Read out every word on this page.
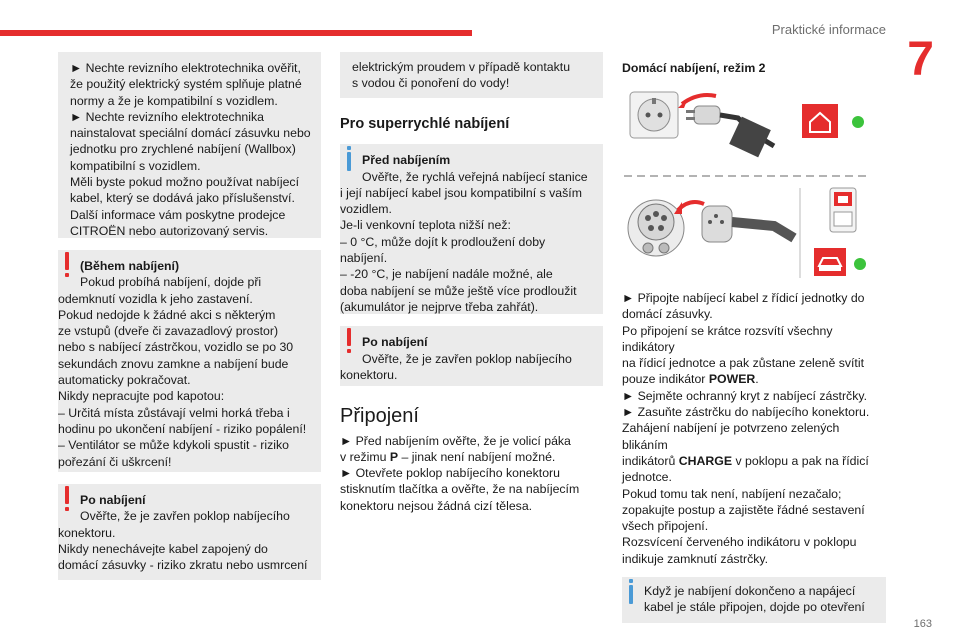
Praktické informace
7
163

► Nechte revizního elektrotechnika ověřit,

že použitý elektrický systém splňuje platné

normy a že je kompatibilní s vozidlem.

► Nechte revizního elektrotechnika

nainstalovat speciální domácí zásuvku nebo

jednotku pro zrychlené nabíjení (Wallbox)

kompatibilní s vozidlem.

Měli byste pokud možno používat nabíjecí

kabel, který se dodává jako příslušenství.

Další informace vám poskytne prodejce

CITROËN nebo autorizovaný servis.

(Během nabíjení)

Pokud probíhá nabíjení, dojde při

odemknutí vozidla k jeho zastavení.

Pokud nedojde k žádné akci s některým

ze vstupů (dveře či zavazadlový prostor)

nebo s nabíjecí zástrčkou, vozidlo se po 30

sekundách znovu zamkne a nabíjení bude

automaticky pokračovat.

Nikdy nepracujte pod kapotou:

– Určitá místa zůstávají velmi horká třeba i

hodinu po ukončení nabíjení - riziko popálení!

– Ventilátor se může kdykoli spustit - riziko

pořezání či uškrcení!

Po nabíjení

Ověřte, že je zavřen poklop nabíjecího

konektoru.

Nikdy nenechávejte kabel zapojený do

domácí zásuvky - riziko zkratu nebo usmrcení

elektrickým proudem v případě kontaktu

s vodou či ponoření do vody!

Pro superrychlé nabíjení

Před nabíjením

Ověřte, že rychlá veřejná nabíjecí stanice

i její nabíjecí kabel jsou kompatibilní s vaším

vozidlem.

Je-li venkovní teplota nižší než:

– 0 °C, může dojít k prodloužení doby

nabíjení.

– -20 °C, je nabíjení nadále možné, ale

doba nabíjení se může ještě více prodloužit

(akumulátor je nejprve třeba zahřát).

Po nabíjení

Ověřte, že je zavřen poklop nabíjecího

konektoru.

Připojení

► Před nabíjením ověřte, že je volicí páka

v režimu P – jinak není nabíjení možné.

► Otevřete poklop nabíjecího konektoru

stisknutím tlačítka a ověřte, že na nabíjecím

konektoru nejsou žádná cizí tělesa.

Domácí nabíjení, režim 2

► Připojte nabíjecí kabel z řídicí jednotky do

domácí zásuvky.

Po připojení se krátce rozsvítí všechny indikátory

na řídicí jednotce a pak zůstane zeleně svítit

pouze indikátor POWER.

► Sejměte ochranný kryt z nabíjecí zástrčky.

► Zasuňte zástrčku do nabíjecího konektoru.

Zahájení nabíjení je potvrzeno zelených blikáním

indikátorů CHARGE v poklopu a pak na řídicí

jednotce.

Pokud tomu tak není, nabíjení nezačalo;

zopakujte postup a zajistěte řádné sestavení

všech připojení.

Rozsvícení červeného indikátoru v poklopu

indikuje zamknutí zástrčky.

Když je nabíjení dokončeno a napájecí

kabel je stále připojen, dojde po otevření
